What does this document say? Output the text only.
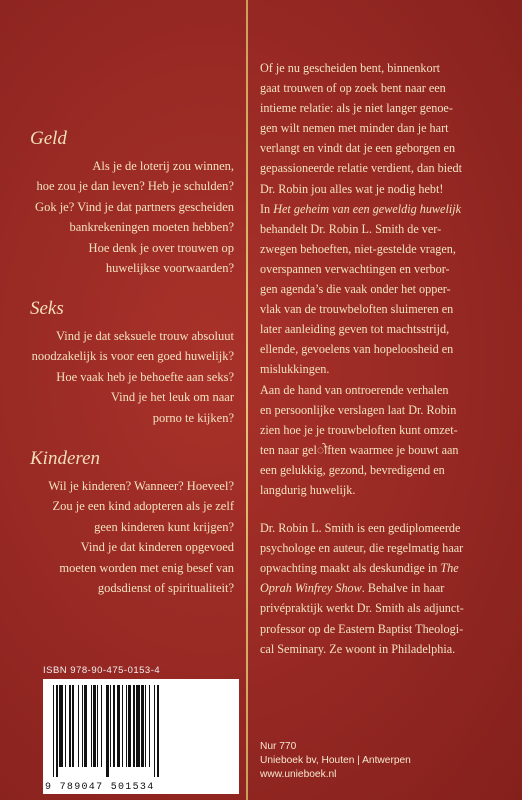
Geld
Als je de loterij zou winnen,
hoe zou je dan leven? Heb je schulden?
Gok je? Vind je dat partners gescheiden
bankrekeningen moeten hebben?
Hoe denk je over trouwen op
huwelijkse voorwaarden?
Seks
Vind je dat seksuele trouw absoluut
noodzakelijk is voor een goed huwelijk?
Hoe vaak heb je behoefte aan seks?
Vind je het leuk om naar
porno te kijken?
Kinderen
Wil je kinderen? Wanneer? Hoeveel?
Zou je een kind adopteren als je zelf
geen kinderen kunt krijgen?
Vind je dat kinderen opgevoed
moeten worden met enig besef van
godsdienst of spiritualiteit?
Of je nu gescheiden bent, binnenkort
gaat trouwen of op zoek bent naar een
intieme relatie: als je niet langer genoe-
gen wilt nemen met minder dan je hart
verlangt en vindt dat je een geborgen en
gepassioneerde relatie verdient, dan biedt
Dr. Robin jou alles wat je nodig hebt!
In Het geheim van een geweldig huwelijk
behandelt Dr. Robin L. Smith de ver-
zwegen behoeften, niet-gestelde vragen,
overspannen verwachtingen en verbor-
gen agenda’s die vaak onder het opper-
vlak van de trouwbeloften sluimeren en
later aanleiding geven tot machtsstrijd,
ellende, gevoelens van hopeloosheid en
mislukkingen.
Aan de hand van ontroerende verhalen
en persoonlijke verslagen laat Dr. Robin
zien hoe je je trouwbeloften kunt omzet-
ten naar gelोften waarmee je bouwt aan
een gelukkig, gezond, bevredigend en
langdurig huwelijk.
Dr. Robin L. Smith is een gediplomeerde
psychologe en auteur, die regelmatig haar
opwachting maakt als deskundige in The
Oprah Winfrey Show. Behalve in haar
privépraktijk werkt Dr. Smith als adjunct-
professor op de Eastern Baptist Theologi-
cal Seminary. Ze woont in Philadelphia.
ISBN 978-90-475-0153-4
9 789047 501534
Nur 770
Unieboek bv, Houten | Antwerpen
www.unieboek.nl
